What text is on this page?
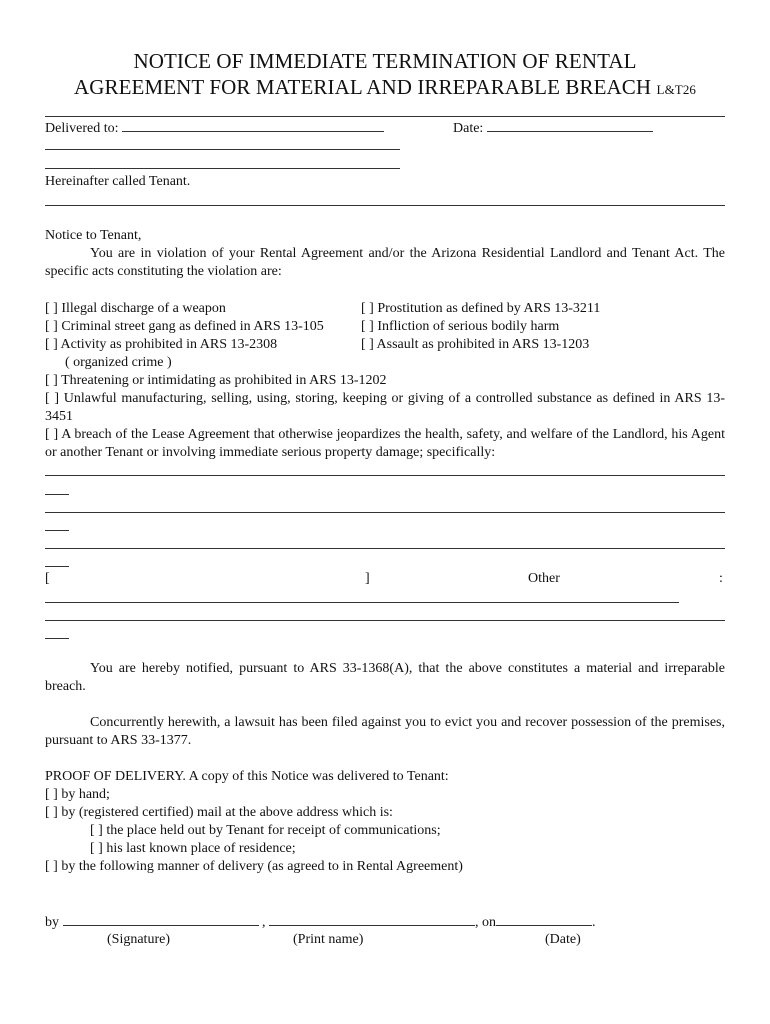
NOTICE OF IMMEDIATE TERMINATION OF RENTAL
AGREEMENT FOR MATERIAL AND IRREPARABLE BREACH L&T26
Delivered to:	Date:
Hereinafter called Tenant.
Notice to Tenant,
You are in violation of your Rental Agreement and/or the Arizona Residential Landlord and Tenant Act. The specific acts constituting the violation are:
[ ] Illegal discharge of a weapon
[ ] Criminal street gang as defined in ARS 13-105
[ ] Activity as prohibited in ARS 13-2308
( organized crime )
[ ] Prostitution as defined by ARS 13-3211
[ ] Infliction of serious bodily harm
[ ] Assault as prohibited in ARS 13-1203
[ ] Threatening or intimidating as prohibited in ARS 13-1202
[ ] Unlawful manufacturing, selling, using, storing, keeping or giving of a controlled substance as defined in ARS 13-3451
[ ] A breach of the Lease Agreement that otherwise jeopardizes the health, safety, and welfare of the Landlord, his Agent or another Tenant or involving immediate serious property damage; specifically:
[	]	Other	:
You are hereby notified, pursuant to ARS 33-1368(A), that the above constitutes a material and irreparable breach.
Concurrently herewith, a lawsuit has been filed against you to evict you and recover possession of the premises, pursuant to ARS 33-1377.
PROOF OF DELIVERY. A copy of this Notice was delivered to Tenant:
[ ] by hand;
[ ] by (registered certified) mail at the above address which is:
[ ] the place held out by Tenant for receipt of communications;
[ ] his last known place of residence;
[ ] by the following manner of delivery (as agreed to in Rental Agreement)
by	,	, on	.
(Signature)	(Print name)	(Date)
